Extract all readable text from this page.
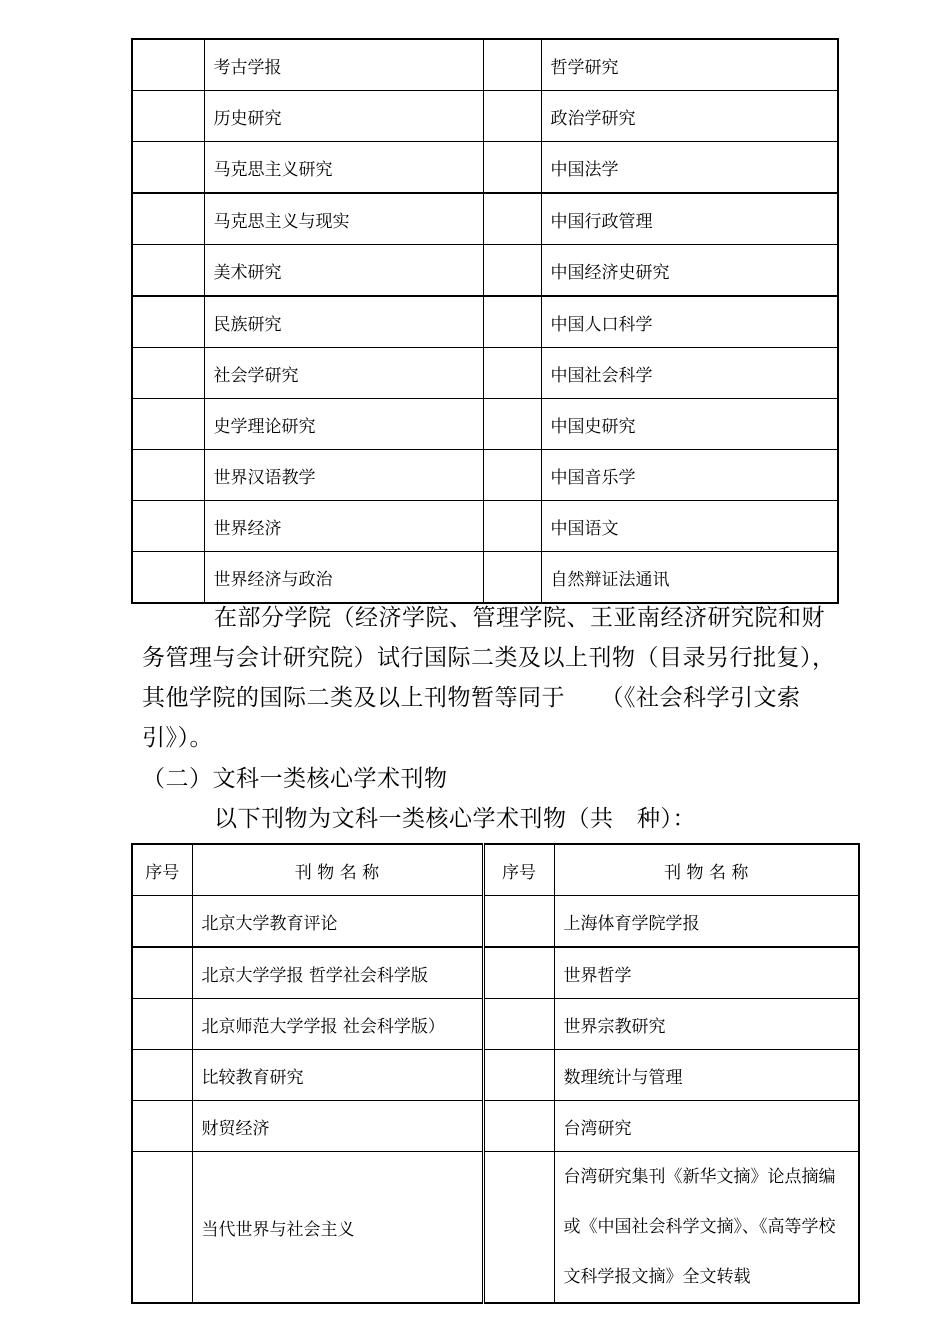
	考古学报		哲学研究
	历史研究		政治学研究
	马克思主义研究		中国法学
	马克思主义与现实		中国行政管理
	美术研究		中国经济史研究
	民族研究		中国人口科学
	社会学研究		中国社会科学
	史学理论研究		中国史研究
	世界汉语教学		中国音乐学
	世界经济		中国语文
	世界经济与政治		自然辩证法通讯
在部分学院（经济学院、管理学院、王亚南经济研究院和财务管理与会计研究院）试行国际二类及以上刊物（目录另行批复），其他学院的国际二类及以上刊物暂等同于　　（《社会科学引文索引》）。
（二）文科一类核心学术刊物
以下刊物为文科一类核心学术刊物（共　种）：
序号	刊 物 名 称	序号	刊 物 名 称
	北京大学教育评论		上海体育学院学报
	北京大学学报 哲学社会科学版		世界哲学
	北京师范大学学报 社会科学版）		世界宗教研究
	比较教育研究		数理统计与管理
	财贸经济		台湾研究
	当代世界与社会主义		台湾研究集刊《新华文摘》论点摘编或《中国社会科学文摘》、《高等学校文科学报文摘》全文转载
